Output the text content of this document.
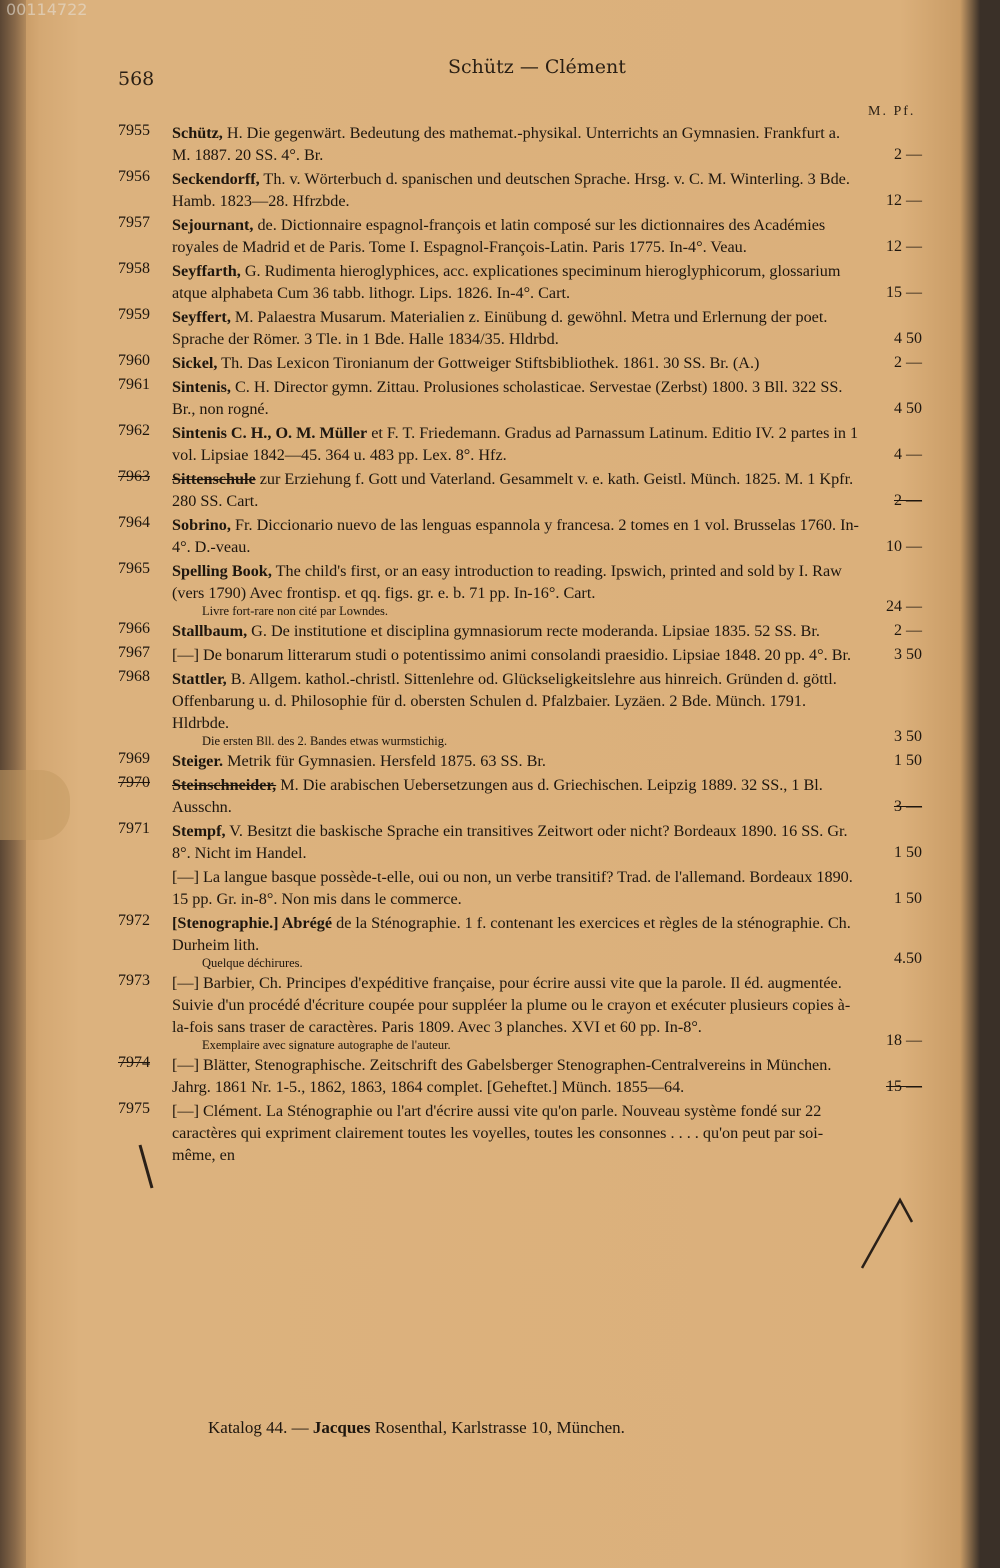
00114722
568
Schütz — Clément
M. Pf.
7955 Schütz, H. Die gegenwärt. Bedeutung des mathemat.-physikal. Unterrichts an Gymnasien. Frankfurt a. M. 1887. 20 SS. 4°. Br.	2 —
7956 Seckendorff, Th. v. Wörterbuch d. spanischen und deutschen Sprache. Hrsg. v. C. M. Winterling. 3 Bde. Hamb. 1823—28. Hfrzbde.	12 —
7957 Sejournant, de. Dictionnaire espagnol-françois et latin composé sur les dictionnaires des Académies royales de Madrid et de Paris. Tome I. Espagnol-François-Latin. Paris 1775. In-4°. Veau.	12 —
7958 Seyffarth, G. Rudimenta hieroglyphices, acc. explicationes speciminum hieroglyphicorum, glossarium atque alphabeta Cum 36 tabb. lithogr. Lips. 1826. In-4°. Cart.	15 —
7959 Seyffert, M. Palaestra Musarum. Materialien z. Einübung d. gewöhnl. Metra und Erlernung der poet. Sprache der Römer. 3 Tle. in 1 Bde. Halle 1834/35. Hldrbd.	4 50
7960 Sickel, Th. Das Lexicon Tironianum der Gottweiger Stiftsbibliothek. 1861. 30 SS. Br. (A.)	2 —
7961 Sintenis, C. H. Director gymn. Zittau. Prolusiones scholasticae. Servestae (Zerbst) 1800. 3 Bll. 322 SS. Br., non rogné.	4 50
7962 Sintenis C. H., O. M. Müller et F. T. Friedemann. Gradus ad Parnassum Latinum. Editio IV. 2 partes in 1 vol. Lipsiae 1842—45. 364 u. 483 pp. Lex. 8°. Hfz.	4 —
7963 Sittenschule zur Erziehung f. Gott und Vaterland. Gesammelt v. e. kath. Geistl. Münch. 1825. M. 1 Kpfr. 280 SS. Cart.	2 —
7964 Sobrino, Fr. Diccionario nuevo de las lenguas espannola y francesa. 2 tomes en 1 vol. Brusselas 1760. In-4°. D.-veau.	10 —
7965 Spelling Book, The child's first, or an easy introduction to reading. Ipswich, printed and sold by I. Raw (vers 1790) Avec frontisp. et qq. figs. gr. e. b. 71 pp. In-16°. Cart.
Livre fort-rare non cité par Lowndes.	24 —
7966 Stallbaum, G. De institutione et disciplina gymnasiorum recte moderanda. Lipsiae 1835. 52 SS. Br.	2 —
7967 [—] De bonarum litterarum studi o potentissimo animi consolandi praesidio. Lipsiae 1848. 20 pp. 4°. Br.	3 50
7968 Stattler, B. Allgem. kathol.-christl. Sittenlehre od. Glückseligkeitslehre aus hinreich. Gründen d. göttl. Offenbarung u. d. Philosophie für d. obersten Schulen d. Pfalzbaier. Lyzäen. 2 Bde. Münch. 1791. Hldrbde.
Die ersten Bll. des 2. Bandes etwas wurmstichig.	3 50
7969 Steiger. Metrik für Gymnasien. Hersfeld 1875. 63 SS. Br.	1 50
7970 Steinschneider, M. Die arabischen Uebersetzungen aus d. Griechischen. Leipzig 1889. 32 SS., 1 Bl. Ausschn.	3 —
7971 Stempf, V. Besitzt die baskische Sprache ein transitives Zeitwort oder nicht? Bordeaux 1890. 16 SS. Gr. 8°. Nicht im Handel.	1 50
[—] La langue basque possède-t-elle, oui ou non, un verbe transitif? Trad. de l'allemand. Bordeaux 1890. 15 pp. Gr. in-8°. Non mis dans le commerce.	1 50
7972 [Stenographie.] Abrégé de la Sténographie. 1 f. contenant les exercices et règles de la sténographie. Ch. Durheim lith.
Quelque déchirures.	4.50
7973 [—] Barbier, Ch. Principes d'expéditive française, pour écrire aussi vite que la parole. Il éd. augmentée. Suivie d'un procédé d'écriture coupée pour suppléer la plume ou le crayon et exécuter plusieurs copies à-la-fois sans traser de caractères. Paris 1809. Avec 3 planches. XVI et 60 pp. In-8°.
Exemplaire avec signature autographe de l'auteur.	18 —
7974 [—] Blätter, Stenographische. Zeitschrift des Gabelsberger Stenographen-Centralvereins in München. Jahrg. 1861 Nr. 1-5., 1862, 1863, 1864 complet. [Geheftet.] Münch. 1855—64.	15 —
7975 [—] Clément. La Sténographie ou l'art d'écrire aussi vite qu'on parle. Nouveau système fondé sur 22 caractères qui expriment clairement toutes les voyelles, toutes les consonnes . . . . qu'on peut par soi-même, en
Katalog 44. — Jacques Rosenthal, Karlstrasse 10, München.
